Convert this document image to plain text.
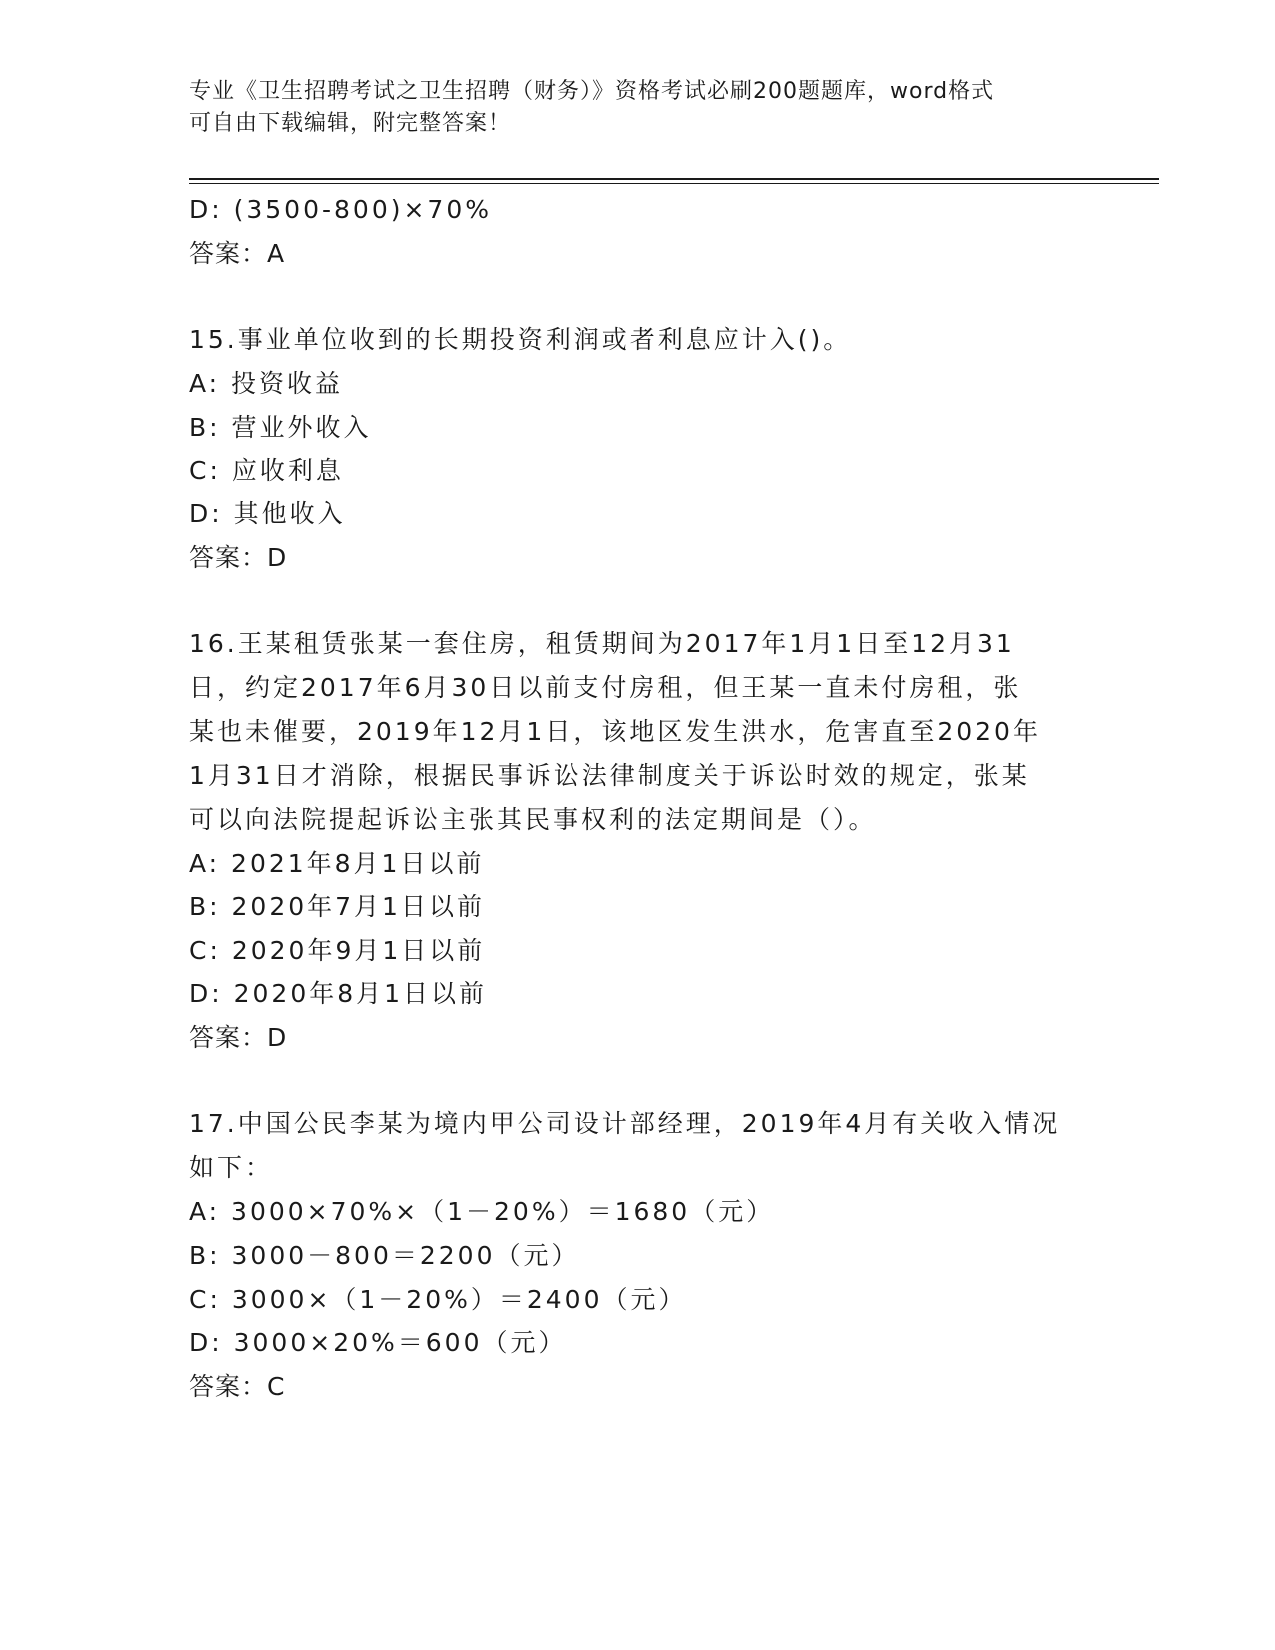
专业《卫生招聘考试之卫生招聘（财务）》资格考试必刷200题题库，word格式
可自由下载编辑，附完整答案！
D: (3500-800)×70%
答案：A
15.事业单位收到的长期投资利润或者利息应计入()。
A: 投资收益
B: 营业外收入
C: 应收利息
D: 其他收入
答案：D
16.王某租赁张某一套住房，租赁期间为2017年1月1日至12月31
日，约定2017年6月30日以前支付房租，但王某一直未付房租，张
某也未催要，2019年12月1日，该地区发生洪水，危害直至2020年
1月31日才消除，根据民事诉讼法律制度关于诉讼时效的规定，张某
可以向法院提起诉讼主张其民事权利的法定期间是（）。
A: 2021年8月1日以前
B: 2020年7月1日以前
C: 2020年9月1日以前
D: 2020年8月1日以前
答案：D
17.中国公民李某为境内甲公司设计部经理，2019年4月有关收入情况
如下：
A: 3000×70%×（1－20%）＝1680（元）
B: 3000－800＝2200（元）
C: 3000×（1－20%）＝2400（元）
D: 3000×20%＝600（元）
答案：C
